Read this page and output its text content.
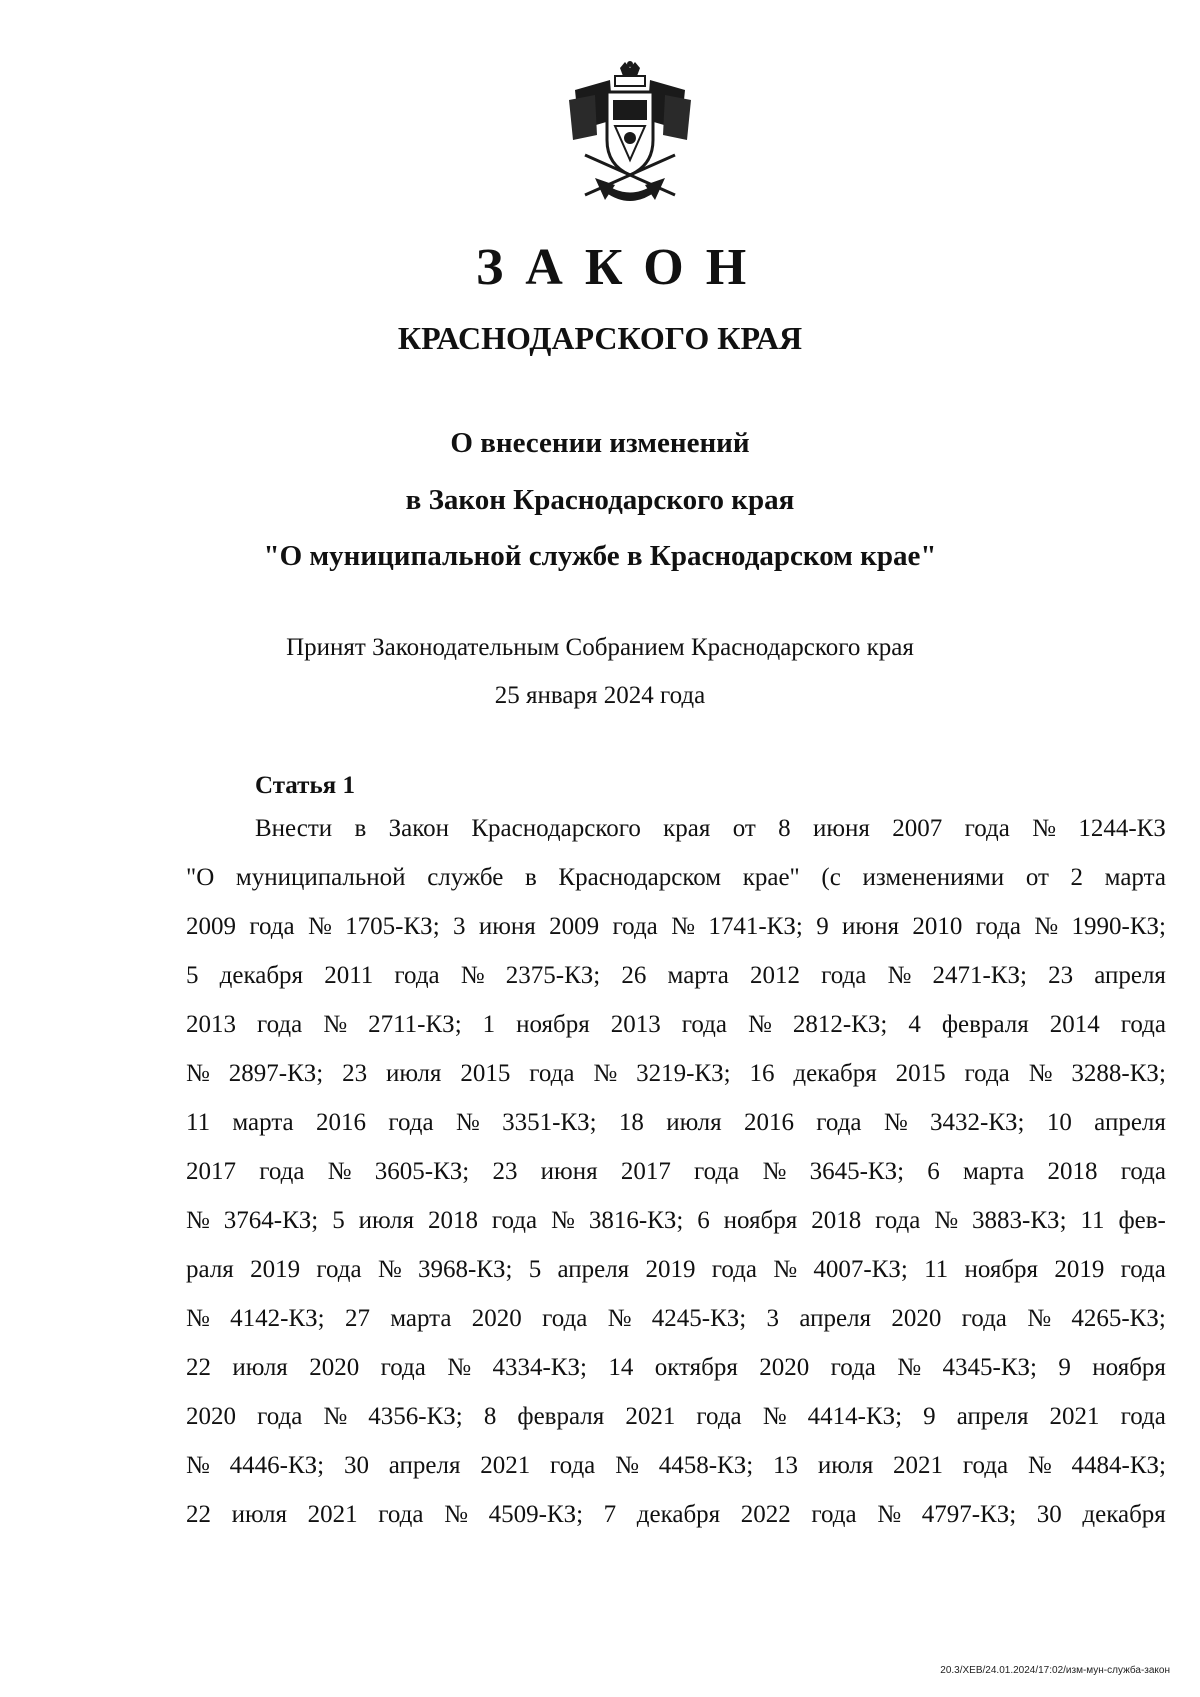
ЗАКОН
КРАСНОДАРСКОГО КРАЯ
О внесении изменений
в Закон Краснодарского края
"О муниципальной службе в Краснодарском крае"
Принят Законодательным Собранием Краснодарского края
25 января 2024 года
Статья 1
Внести в Закон Краснодарского края от 8 июня 2007 года № 1244-КЗ
"О муниципальной службе в Краснодарском крае" (с изменениями от 2 марта
2009 года № 1705-КЗ; 3 июня 2009 года № 1741-КЗ; 9 июня 2010 года № 1990-КЗ;
5 декабря 2011 года № 2375-КЗ; 26 марта 2012 года № 2471-КЗ; 23 апреля
2013 года № 2711-КЗ; 1 ноября 2013 года № 2812-КЗ; 4 февраля 2014 года
№ 2897-КЗ; 23 июля 2015 года № 3219-КЗ; 16 декабря 2015 года № 3288-КЗ;
11 марта 2016 года № 3351-КЗ; 18 июля 2016 года № 3432-КЗ; 10 апреля
2017 года № 3605-КЗ; 23 июня 2017 года № 3645-КЗ; 6 марта 2018 года
№ 3764-КЗ; 5 июля 2018 года № 3816-КЗ; 6 ноября 2018 года № 3883-КЗ; 11 фев-
раля 2019 года № 3968-КЗ; 5 апреля 2019 года № 4007-КЗ; 11 ноября 2019 года
№ 4142-КЗ; 27 марта 2020 года № 4245-КЗ; 3 апреля 2020 года № 4265-КЗ;
22 июля 2020 года № 4334-КЗ; 14 октября 2020 года № 4345-КЗ; 9 ноября
2020 года № 4356-КЗ; 8 февраля 2021 года № 4414-КЗ; 9 апреля 2021 года
№ 4446-КЗ; 30 апреля 2021 года № 4458-КЗ; 13 июля 2021 года № 4484-КЗ;
22 июля 2021 года № 4509-КЗ; 7 декабря 2022 года № 4797-КЗ; 30 декабря
20.3/ХЕВ/24.01.2024/17:02/изм-мун-служба-закон
